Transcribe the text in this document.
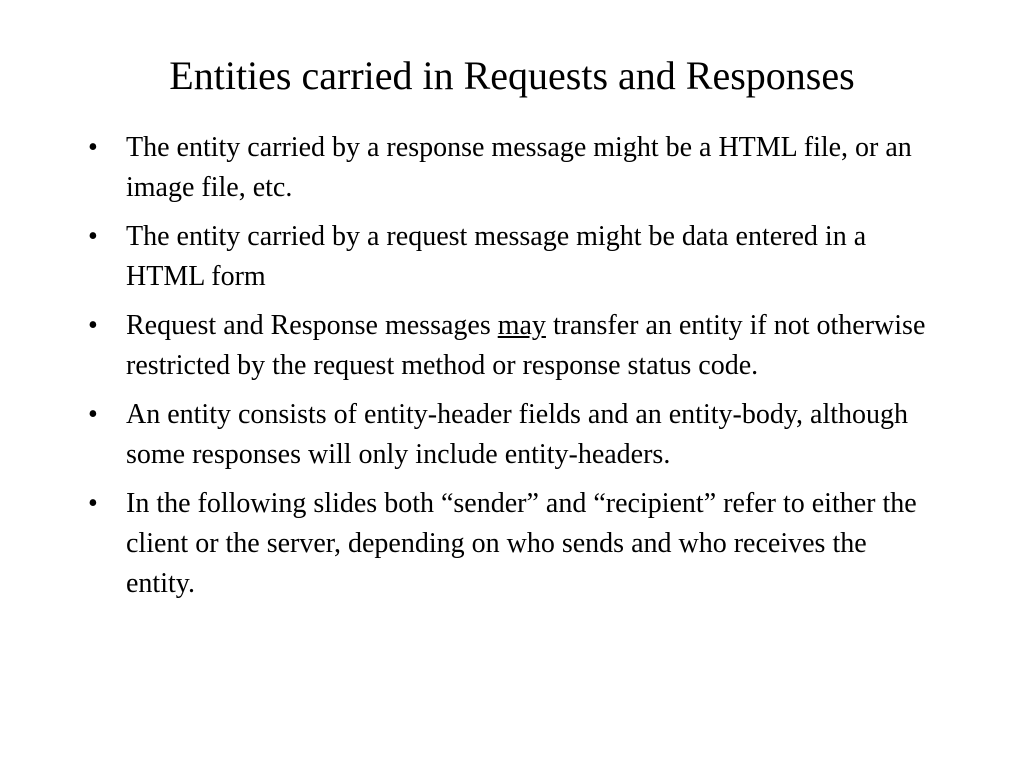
Entities carried in Requests and Responses
• The entity carried by a response message might be a HTML file, or an image file, etc.
• The entity carried by a request message might be data entered in a HTML form
• Request and Response messages may transfer an entity if not otherwise restricted by the request method or response status code.
• An entity consists of entity-header fields and an entity-body, although some responses will only include entity-headers.
• In the following slides both “sender” and “recipient” refer to either the client or the server, depending on who sends and who receives the entity.
